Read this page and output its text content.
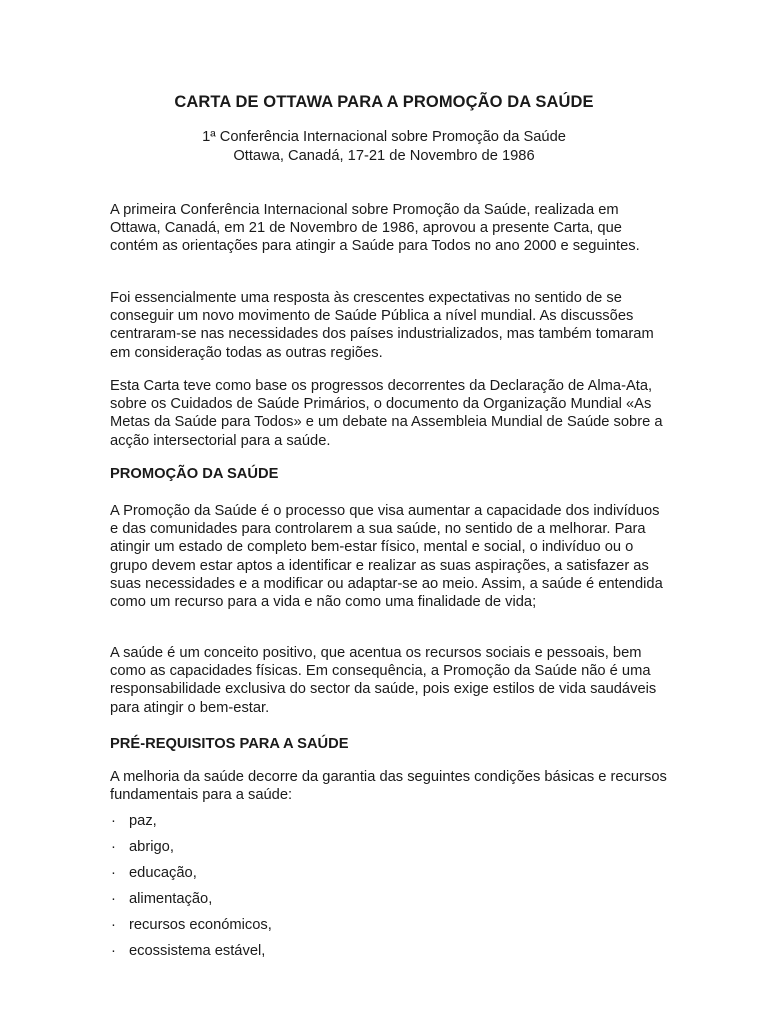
CARTA DE OTTAWA PARA A PROMOÇÃO DA SAÚDE
1ª Conferência Internacional sobre Promoção da Saúde
Ottawa, Canadá, 17-21 de Novembro de 1986
A primeira Conferência Internacional sobre Promoção da Saúde, realizada em Ottawa, Canadá, em 21 de Novembro de 1986, aprovou a presente Carta, que contém as orientações para atingir a Saúde para Todos no ano 2000 e seguintes.
Foi essencialmente uma resposta às crescentes expectativas no sentido de se conseguir um novo movimento de Saúde Pública a nível mundial. As discussões centraram-se nas necessidades dos países industrializados, mas também tomaram em consideração todas as outras regiões.
Esta Carta teve como base os progressos decorrentes da Declaração de Alma-Ata, sobre os Cuidados de Saúde Primários, o documento da Organização Mundial «As Metas da Saúde para Todos» e um debate na Assembleia Mundial de Saúde sobre a acção intersectorial para a saúde.
PROMOÇÃO DA SAÚDE
A Promoção da Saúde é o processo que visa aumentar a capacidade dos indivíduos e das comunidades para controlarem a sua saúde, no sentido de a melhorar. Para atingir um estado de completo bem-estar físico, mental e social, o indivíduo ou o grupo devem estar aptos a identificar e realizar as suas aspirações, a satisfazer as suas necessidades e a modificar ou adaptar-se ao meio. Assim, a saúde é entendida como um recurso para a vida e não como uma finalidade de vida;
A saúde é um conceito positivo, que acentua os recursos sociais e pessoais, bem como as capacidades físicas. Em consequência, a Promoção da Saúde não é uma responsabilidade exclusiva do sector da saúde, pois exige estilos de vida saudáveis para atingir o bem-estar.
PRÉ-REQUISITOS PARA A SAÚDE
A melhoria da saúde decorre da garantia das seguintes condições básicas e recursos fundamentais para a saúde:
· paz,
· abrigo,
· educação,
· alimentação,
· recursos económicos,
· ecossistema estável,
